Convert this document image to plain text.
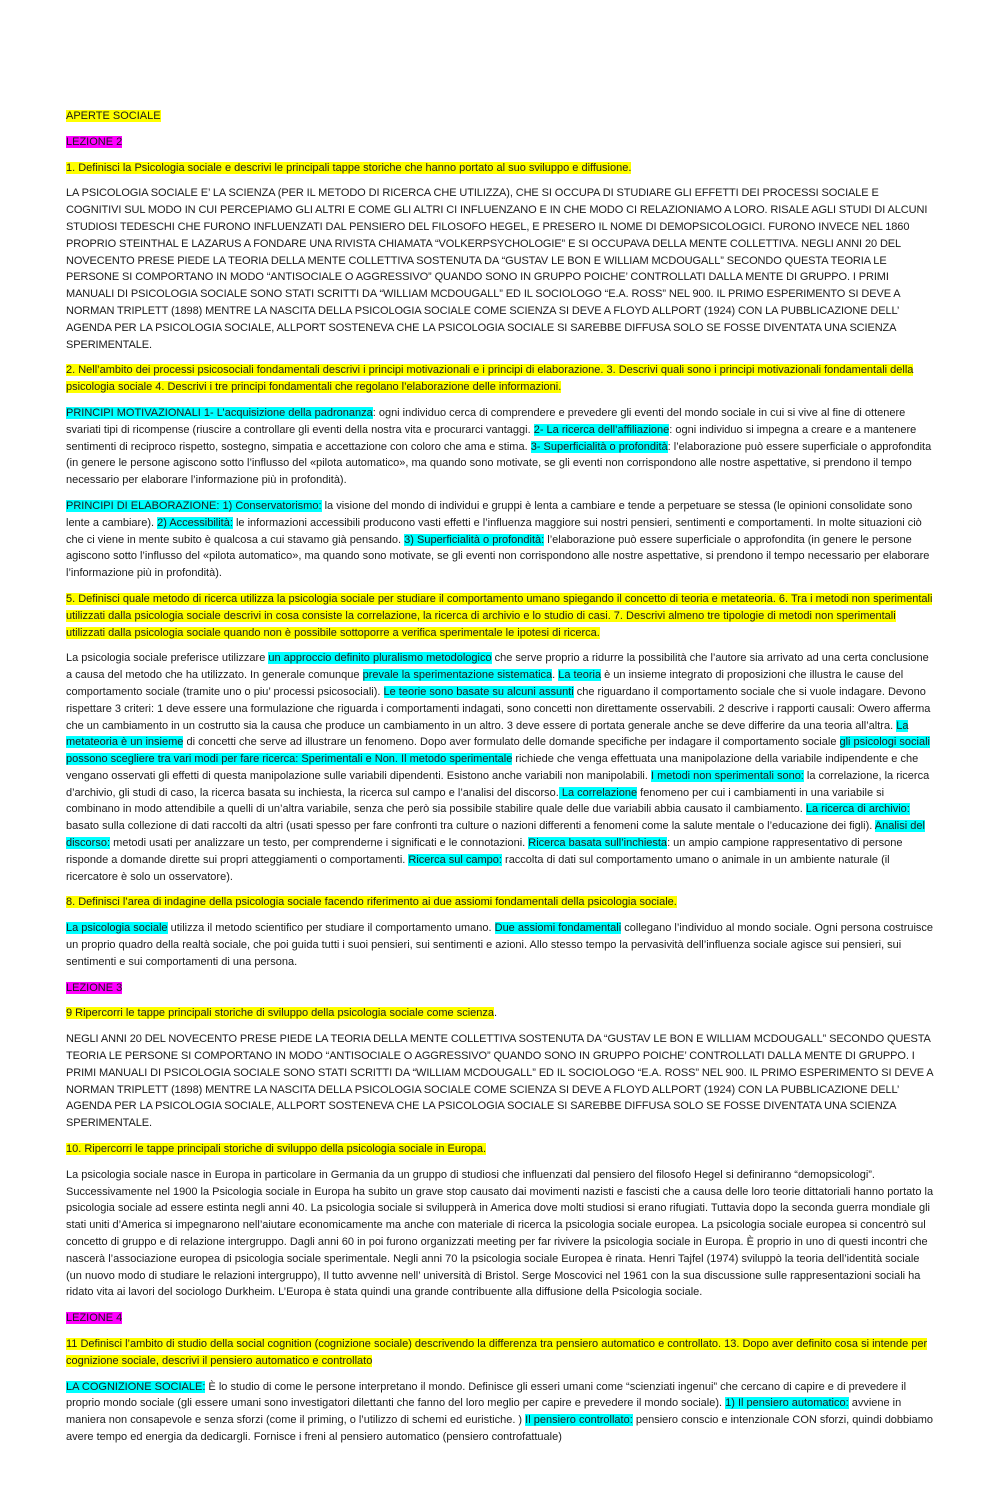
APERTE SOCIALE
LEZIONE 2
1. Definisci la Psicologia sociale e descrivi le principali tappe storiche che hanno portato al suo sviluppo e diffusione.
LA PSICOLOGIA SOCIALE E’ LA SCIENZA (PER IL METODO DI RICERCA CHE UTILIZZA), CHE SI OCCUPA DI STUDIARE GLI EFFETTI DEI PROCESSI SOCIALE E COGNITIVI SUL MODO IN CUI PERCEPIAMO GLI ALTRI E COME GLI ALTRI CI INFLUENZANO E IN CHE MODO CI RELAZIONIAMO A LORO. RISALE AGLI STUDI DI ALCUNI STUDIOSI TEDESCHI CHE FURONO INFLUENZATI DAL PENSIERO DEL FILOSOFO HEGEL, E PRESERO IL NOME DI DEMOPSICOLOGICI. FURONO INVECE NEL 1860 PROPRIO STEINTHAL E LAZARUS A FONDARE UNA RIVISTA CHIAMATA “VOLKERPSYCHOLOGIE” E SI OCCUPAVA DELLA MENTE COLLETTIVA. NEGLI ANNI 20 DEL NOVECENTO PRESE PIEDE LA TEORIA DELLA MENTE COLLETTIVA SOSTENUTA DA “GUSTAV LE BON E WILLIAM MCDOUGALL” SECONDO QUESTA TEORIA LE PERSONE SI COMPORTANO IN MODO “ANTISOCIALE O AGGRESSIVO” QUANDO SONO IN GRUPPO POICHE’ CONTROLLATI DALLA MENTE DI GRUPPO. I PRIMI MANUALI DI PSICOLOGIA SOCIALE SONO STATI SCRITTI DA “WILLIAM MCDOUGALL” ED IL SOCIOLOGO “E.A. ROSS” NEL 900. IL PRIMO ESPERIMENTO SI DEVE A NORMAN TRIPLETT (1898) MENTRE LA NASCITA DELLA PSICOLOGIA SOCIALE COME SCIENZA SI DEVE A FLOYD ALLPORT (1924) CON LA PUBBLICAZIONE DELL’ AGENDA PER LA PSICOLOGIA SOCIALE, ALLPORT SOSTENEVA CHE LA PSICOLOGIA SOCIALE SI SAREBBE DIFFUSA SOLO SE FOSSE DIVENTATA UNA SCIENZA SPERIMENTALE.
2. Nell’ambito dei processi psicosociali fondamentali descrivi i principi motivazionali e i principi di elaborazione. 3. Descrivi quali sono i principi motivazionali fondamentali della psicologia sociale 4. Descrivi i tre principi fondamentali che regolano l’elaborazione delle informazioni.
PRINCIPI MOTIVAZIONALI 1- L’acquisizione della padronanza: ogni individuo cerca di comprendere e prevedere gli eventi del mondo sociale in cui si vive al fine di ottenere svariati tipi di ricompense (riuscire a controllare gli eventi della nostra vita e procurarci vantaggi. 2- La ricerca dell’affiliazione: ogni individuo si impegna a creare e a mantenere sentimenti di reciproco rispetto, sostegno, simpatia e accettazione con coloro che ama e stima. 3- Superficialità o profondità: l’elaborazione può essere superficiale o approfondita (in genere le persone agiscono sotto l’influsso del «pilota automatico», ma quando sono motivate, se gli eventi non corrispondono alle nostre aspettative, si prendono il tempo necessario per elaborare l’informazione più in profondità).
PRINCIPI DI ELABORAZIONE: 1) Conservatorismo: la visione del mondo di individui e gruppi è lenta a cambiare e tende a perpetuare se stessa (le opinioni consolidate sono lente a cambiare). 2) Accessibilità: le informazioni accessibili producono vasti effetti e l’influenza maggiore sui nostri pensieri, sentimenti e comportamenti. In molte situazioni ciò che ci viene in mente subito è qualcosa a cui stavamo già pensando. 3) Superficialità o profondità: l’elaborazione può essere superficiale o approfondita (in genere le persone agiscono sotto l’influsso del «pilota automatico», ma quando sono motivate, se gli eventi non corrispondono alle nostre aspettative, si prendono il tempo necessario per elaborare l’informazione più in profondità).
5. Definisci quale metodo di ricerca utilizza la psicologia sociale per studiare il comportamento umano spiegando il concetto di teoria e metateoria. 6. Tra i metodi non sperimentali utilizzati dalla psicologia sociale descrivi in cosa consiste la correlazione, la ricerca di archivio e lo studio di casi. 7. Descrivi almeno tre tipologie di metodi non sperimentali utilizzati dalla psicologia sociale quando non è possibile sottoporre a verifica sperimentale le ipotesi di ricerca.
La psicologia sociale preferisce utilizzare un approccio definito pluralismo metodologico che serve proprio a ridurre la possibilità che l’autore sia arrivato ad una certa conclusione a causa del metodo che ha utilizzato. In generale comunque prevale la sperimentazione sistematica. La teoria è un insieme integrato di proposizioni che illustra le cause del comportamento sociale (tramite uno o piu’ processi psicosociali). Le teorie sono basate su alcuni assunti che riguardano il comportamento sociale che si vuole indagare. Devono rispettare 3 criteri: 1 deve essere una formulazione che riguarda i comportamenti indagati, sono concetti non direttamente osservabili. 2 descrive i rapporti causali: Owero afferma che un cambiamento in un costrutto sia la causa che produce un cambiamento in un altro. 3 deve essere di portata generale anche se deve differire da una teoria all’altra. La metateoria è un insieme di concetti che serve ad illustrare un fenomeno. Dopo aver formulato delle domande specifiche per indagare il comportamento sociale gli psicologi sociali possono scegliere tra vari modi per fare ricerca: Sperimentali e Non. Il metodo sperimentale richiede che venga effettuata una manipolazione della variabile indipendente e che vengano osservati gli effetti di questa manipolazione sulle variabili dipendenti. Esistono anche variabili non manipolabili. I metodi non sperimentali sono: la correlazione, la ricerca d’archivio, gli studi di caso, la ricerca basata su inchiesta, la ricerca sul campo e l’analisi del discorso. La correlazione fenomeno per cui i cambiamenti in una variabile si combinano in modo attendibile a quelli di un’altra variabile, senza che però sia possibile stabilire quale delle due variabili abbia causato il cambiamento. La ricerca di archivio: basato sulla collezione di dati raccolti da altri (usati spesso per fare confronti tra culture o nazioni differenti a fenomeni come la salute mentale o l’educazione dei figli). Analisi del discorso: metodi usati per analizzare un testo, per comprenderne i significati e le connotazioni. Ricerca basata sull’inchiesta: un ampio campione rappresentativo di persone risponde a domande dirette sui propri atteggiamenti o comportamenti. Ricerca sul campo: raccolta di dati sul comportamento umano o animale in un ambiente naturale (il ricercatore è solo un osservatore).
8. Definisci l’area di indagine della psicologia sociale facendo riferimento ai due assiomi fondamentali della psicologia sociale.
La psicologia sociale utilizza il metodo scientifico per studiare il comportamento umano. Due assiomi fondamentali collegano l’individuo al mondo sociale. Ogni persona costruisce un proprio quadro della realtà sociale, che poi guida tutti i suoi pensieri, sui sentimenti e azioni. Allo stesso tempo la pervasività dell’influenza sociale agisce sui pensieri, sui sentimenti e sui comportamenti di una persona.
LEZIONE 3
9 Ripercorri le tappe principali storiche di sviluppo della psicologia sociale come scienza.
NEGLI ANNI 20 DEL NOVECENTO PRESE PIEDE LA TEORIA DELLA MENTE COLLETTIVA SOSTENUTA DA “GUSTAV LE BON E WILLIAM MCDOUGALL” SECONDO QUESTA TEORIA LE PERSONE SI COMPORTANO IN MODO “ANTISOCIALE O AGGRESSIVO” QUANDO SONO IN GRUPPO POICHE’ CONTROLLATI DALLA MENTE DI GRUPPO. I PRIMI MANUALI DI PSICOLOGIA SOCIALE SONO STATI SCRITTI DA “WILLIAM MCDOUGALL” ED IL SOCIOLOGO “E.A. ROSS” NEL 900. IL PRIMO ESPERIMENTO SI DEVE A NORMAN TRIPLETT (1898) MENTRE LA NASCITA DELLA PSICOLOGIA SOCIALE COME SCIENZA SI DEVE A FLOYD ALLPORT (1924) CON LA PUBBLICAZIONE DELL’ AGENDA PER LA PSICOLOGIA SOCIALE, ALLPORT SOSTENEVA CHE LA PSICOLOGIA SOCIALE SI SAREBBE DIFFUSA SOLO SE FOSSE DIVENTATA UNA SCIENZA SPERIMENTALE.
10. Ripercorri le tappe principali storiche di sviluppo della psicologia sociale in Europa.
La psicologia sociale nasce in Europa in particolare in Germania da un gruppo di studiosi che influenzati dal pensiero del filosofo Hegel si definiranno “demopsicologi”. Successivamente nel 1900 la Psicologia sociale in Europa ha subito un grave stop causato dai movimenti nazisti e fascisti che a causa delle loro teorie dittatoriali hanno portato la psicologia sociale ad essere estinta negli anni 40. La psicologia sociale si svilupperà in America dove molti studiosi si erano rifugiati. Tuttavia dopo la seconda guerra mondiale gli stati uniti d’America si impegnarono nell’aiutare economicamente ma anche con materiale di ricerca la psicologia sociale europea. La psicologia sociale europea si concentrò sul concetto di gruppo e di relazione intergruppo. Dagli anni 60 in poi furono organizzati meeting per far rivivere la psicologia sociale in Europa. È proprio in uno di questi incontri che nascerà l’associazione europea di psicologia sociale sperimentale. Negli anni 70 la psicologia sociale Europea è rinata. Henri Tajfel (1974) sviluppò la teoria dell’identità sociale (un nuovo modo di studiare le relazioni intergruppo), Il tutto avvenne nell’ università di Bristol. Serge Moscovici nel 1961 con la sua discussione sulle rappresentazioni sociali ha ridato vita ai lavori del sociologo Durkheim. L’Europa è stata quindi una grande contribuente alla diffusione della Psicologia sociale.
LEZIONE 4
11 Definisci l’ambito di studio della social cognition (cognizione sociale) descrivendo la differenza tra pensiero automatico e controllato. 13. Dopo aver definito cosa si intende per cognizione sociale, descrivi il pensiero automatico e controllato
LA COGNIZIONE SOCIALE: È lo studio di come le persone interpretano il mondo. Definisce gli esseri umani come “scienziati ingenui” che cercano di capire e di prevedere il proprio mondo sociale (gli essere umani sono investigatori dilettanti che fanno del loro meglio per capire e prevedere il mondo sociale). 1) Il pensiero automatico: avviene in maniera non consapevole e senza sforzi (come il priming, o l’utilizzo di schemi ed euristiche. ) Il pensiero controllato: pensiero conscio e intenzionale CON sforzi, quindi dobbiamo avere tempo ed energia da dedicargli. Fornisce i freni al pensiero automatico (pensiero controfattuale)
